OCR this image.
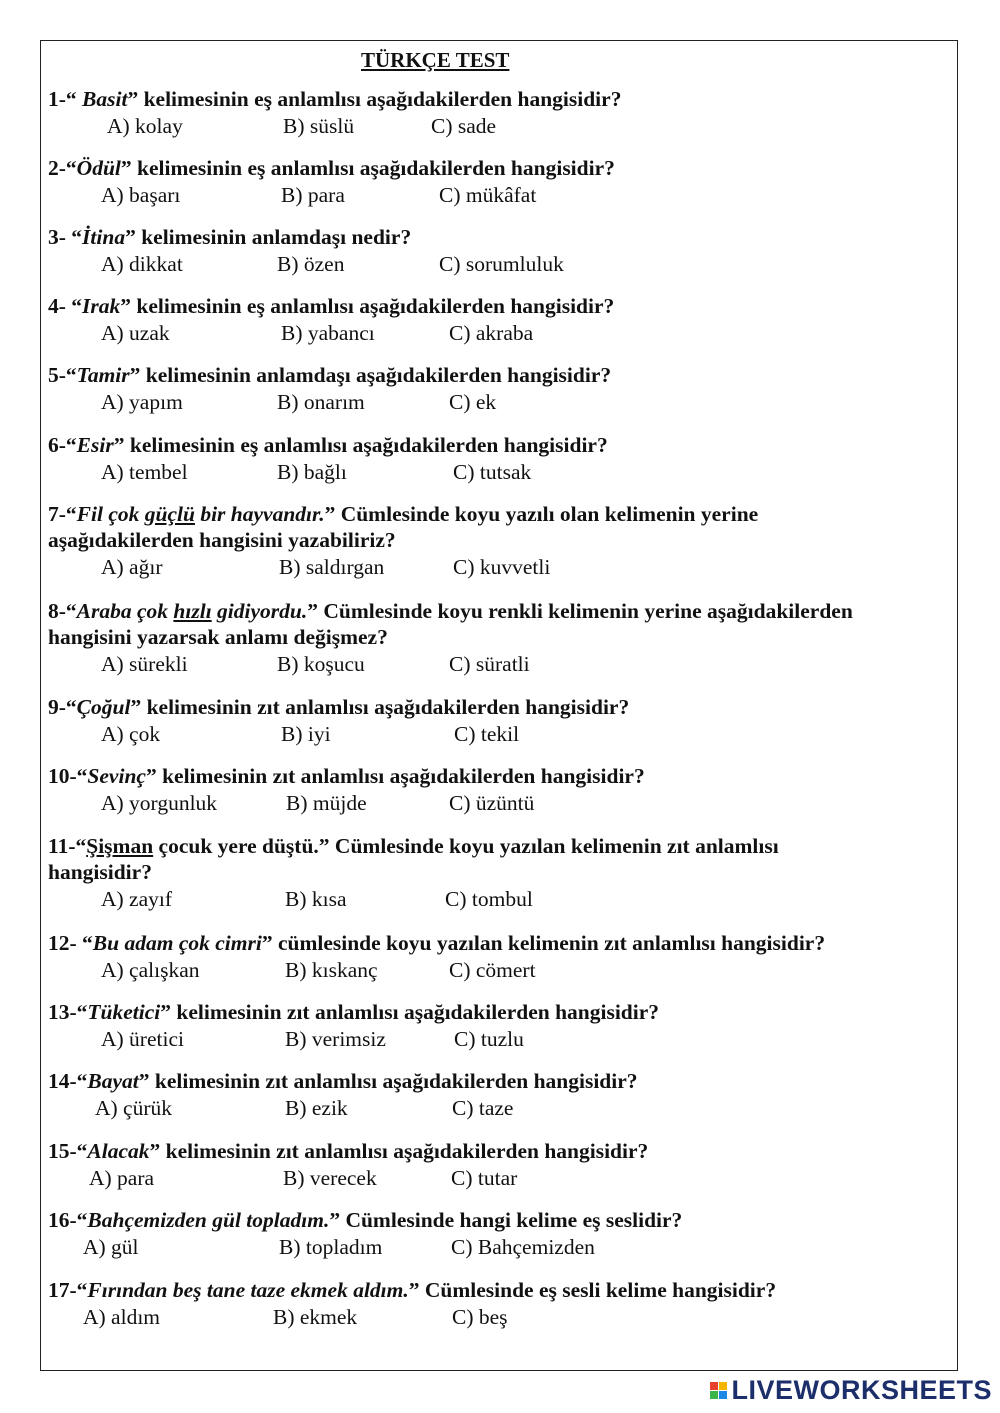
TÜRKÇE TEST
1-“ Basit” kelimesinin eş anlamlısı aşağıdakilerden hangisidir?
A) kolay	B) süslü	C) sade
2-“Ödül” kelimesinin eş anlamlısı aşağıdakilerden hangisidir?
A) başarı	B) para	C) mükâfat
3- “İtina” kelimesinin anlamdaşı nedir?
A) dikkat	B) özen	C) sorumluluk
4- “Irak” kelimesinin eş anlamlısı aşağıdakilerden hangisidir?
A) uzak	B) yabancı	C) akraba
5-“Tamir” kelimesinin anlamdaşı aşağıdakilerden hangisidir?
A) yapım	B) onarım	C) ek
6-“Esir” kelimesinin eş anlamlısı aşağıdakilerden hangisidir?
A) tembel	B) bağlı	C) tutsak
7-“Fil çok güçlü bir hayvandır.” Cümlesinde koyu yazılı olan kelimenin yerine
aşağıdakilerden hangisini yazabiliriz?
A) ağır	B) saldırgan	C) kuvvetli
8-“Araba çok hızlı gidiyordu.” Cümlesinde koyu renkli kelimenin yerine aşağıdakilerden
hangisini yazarsak anlamı değişmez?
A) sürekli	B) koşucu	C) süratli
9-“Çoğul” kelimesinin zıt anlamlısı aşağıdakilerden hangisidir?
A) çok	B) iyi	C) tekil
10-“Sevinç” kelimesinin zıt anlamlısı aşağıdakilerden hangisidir?
A) yorgunluk	B) müjde	C) üzüntü
11-“Şişman çocuk yere düştü.” Cümlesinde koyu yazılan kelimenin zıt anlamlısı
hangisidir?
A) zayıf	B) kısa	C) tombul
12- “Bu adam çok cimri” cümlesinde koyu yazılan kelimenin zıt anlamlısı hangisidir?
A) çalışkan	B) kıskanç	C) cömert
13-“Tüketici” kelimesinin zıt anlamlısı aşağıdakilerden hangisidir?
A) üretici	B) verimsiz	C) tuzlu
14-“Bayat” kelimesinin zıt anlamlısı aşağıdakilerden hangisidir?
A) çürük	B) ezik	C) taze
15-“Alacak” kelimesinin zıt anlamlısı aşağıdakilerden hangisidir?
A) para	B) verecek	C) tutar
16-“Bahçemizden gül topladım.” Cümlesinde hangi kelime eş seslidir?
A) gül	B) topladım	C) Bahçemizden
17-“Fırından beş tane taze ekmek aldım.” Cümlesinde eş sesli kelime hangisidir?
A) aldım	B) ekmek	C) beş
LIVEWORKSHEETS
